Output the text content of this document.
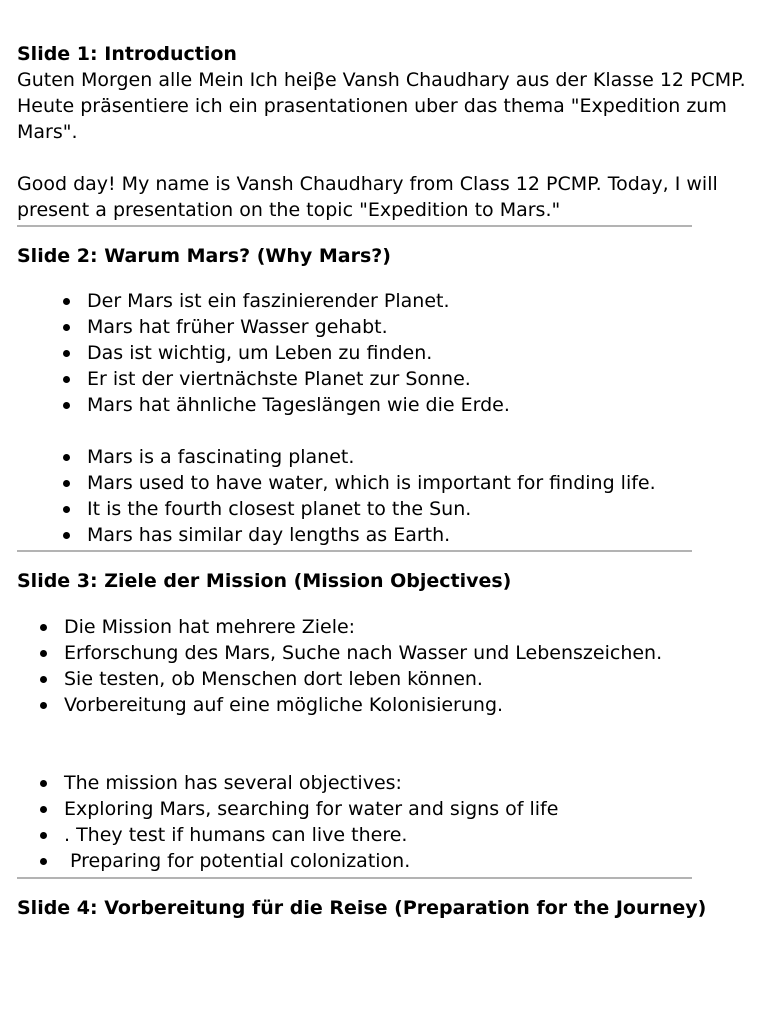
Slide 1: Introduction

Guten Morgen alle Mein Ich heiβe Vansh Chaudhary aus der Klasse 12 PCMP. Heute präsentiere ich ein prasentationen uber das thema "Expedition zum Mars".

Good day! My name is Vansh Chaudhary from Class 12 PCMP. Today, I will present a presentation on the topic "Expedition to Mars."

Slide 2: Warum Mars? (Why Mars?)

Der Mars ist ein faszinierender Planet.
Mars hat früher Wasser gehabt.
Das ist wichtig, um Leben zu finden.
Er ist der viertnächste Planet zur Sonne.
Mars hat ähnliche Tageslängen wie die Erde.
Mars is a fascinating planet.
Mars used to have water, which is important for finding life.
It is the fourth closest planet to the Sun.
Mars has similar day lengths as Earth.

Slide 3: Ziele der Mission (Mission Objectives)

Die Mission hat mehrere Ziele:
Erforschung des Mars, Suche nach Wasser und Lebenszeichen.
Sie testen, ob Menschen dort leben können.
Vorbereitung auf eine mögliche Kolonisierung.
The mission has several objectives:
Exploring Mars, searching for water and signs of life
. They test if humans can live there.
Preparing for potential colonization.

Slide 4: Vorbereitung für die Reise (Preparation for the Journey)
